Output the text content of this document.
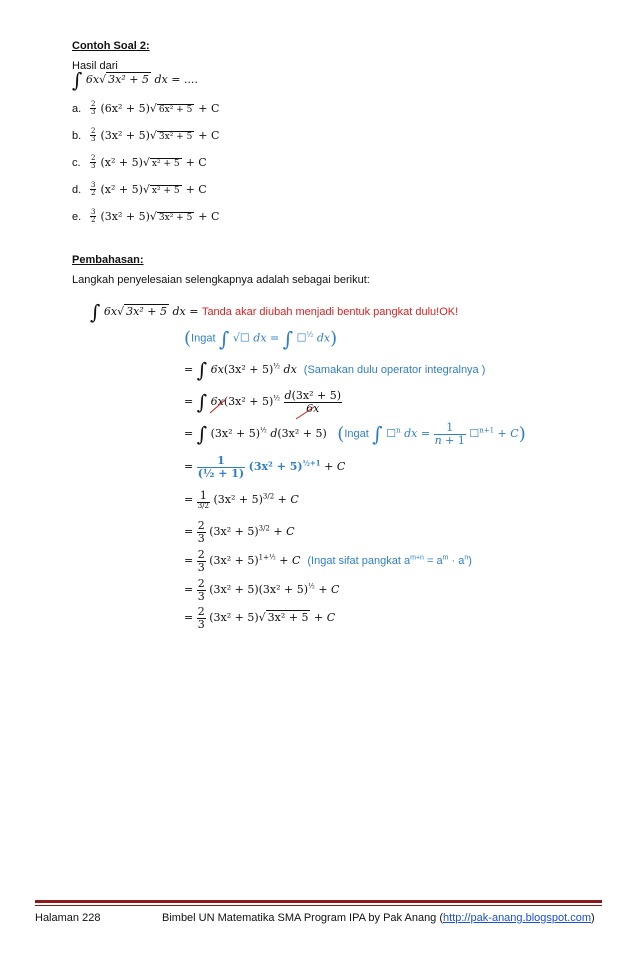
Contoh Soal 2:
Hasil dari
∫ 6x√ 3x² + 5 dx = ....
a. $\frac{2}{3} (6x^2 + 5)√$ 6x² + 5 + C
b. $\frac{2}{3} (3x^2 + 5)√$ 3x² + 5 + C
c. $\frac{2}{3} (x^2 + 5)√$ x² + 5 + C
d. $\frac{3}{2} (x^2 + 5)√$ x² + 5 + C
e. $\frac{3}{2} (3x^2 + 5)√$ 3x² + 5 + C
Pembahasan:
Langkah penyelesaian selengkapnya adalah sebagai berikut:
∫ 6x√ 3x² + 5 dx = Tanda akar diubah menjadi bentuk pangkat dulu!OK!
(Ingat ∫ √☐ dx = ∫ ☐$^{\frac{1}{2}}$ dx)
= ∫ $6x(3x^2 + 5)^{\frac{1}{2}}$ dx (Samakan dulu operator integralnya )
= ∫ $6x(3x^2 + 5)^{\frac{1}{2}} \frac{\text{d(3x² + 5)}}{6x}$
= ∫ $(3x^2 + 5)^{\frac{1}{2}}$ d(3x² + 5)   (Ingat ∫ ☐$^n$ dx = $\frac{1}{n + 1}$ ☐$^{n+1}$ + C)
= $\frac{1}{\text{(½ + 1)}} (3x^2 + 5)^{\frac{1}{2}+1} + C$
= $\frac{1}{3/2} (3x^2 + 5)^{3/2} + C$
= $\frac{2}{3} (3x^2 + 5)^{3/2} + C$
= $\frac{2}{3} (3x^2 + 5)^{1+\frac{1}{2}} + C$ (Ingat sifat pangkat $a^{m+n} = a^m \cdot a^n$)
= $\frac{2}{3} (3x^2 + 5)(3x^2 + 5)^{\frac{1}{2}} + C$
= $\frac{2}{3} (3x^2 + 5)√$ 3x² + 5 + C
Halaman 228	Bimbel UN Matematika SMA Program IPA by Pak Anang (http://pak-anang.blogspot.com)
